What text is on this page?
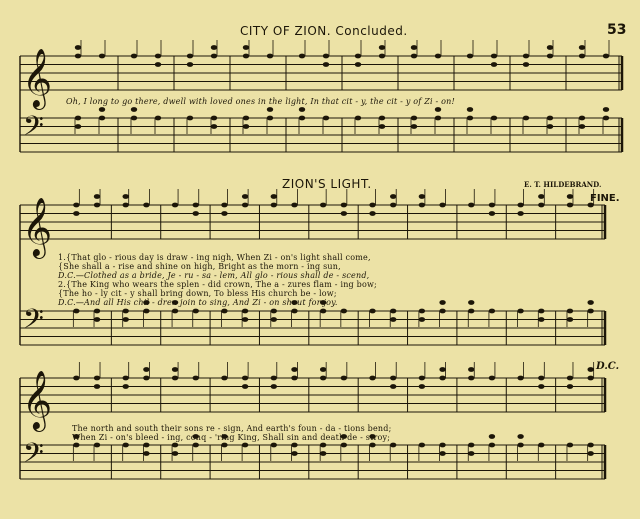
CITY OF ZION. Concluded.	53
𝄞
𝄢
𝄞
𝄢
𝄞
𝄢
Oh, I long to go there, dwell with loved ones in the light, In that cit - y, the cit - y of Zi - on!
ZION'S LIGHT.	E. T. HILDEBRAND.
FINE.
1.{That glo - rious day is draw - ing nigh, When Zi - on's light shall come,
{She shall a - rise and shine on high, Bright as the morn - ing sun,
D.C.—Clothed as a bride, Je - ru - sa - lem, All glo - rious shall de - scend,
2.{The King who wears the splen - did crown, The a - zures flam - ing bow;
{The ho - ly cit - y shall bring down, To bless His church be - low;
D.C.—And all His chil - dren join to sing, And Zi - on shout for joy.
D.C.
The north and south their sons re - sign, And earth's foun - da - tions bend;
When Zi - on's bleed - ing, conq - 'ring King, Shall sin and death de - stroy;
